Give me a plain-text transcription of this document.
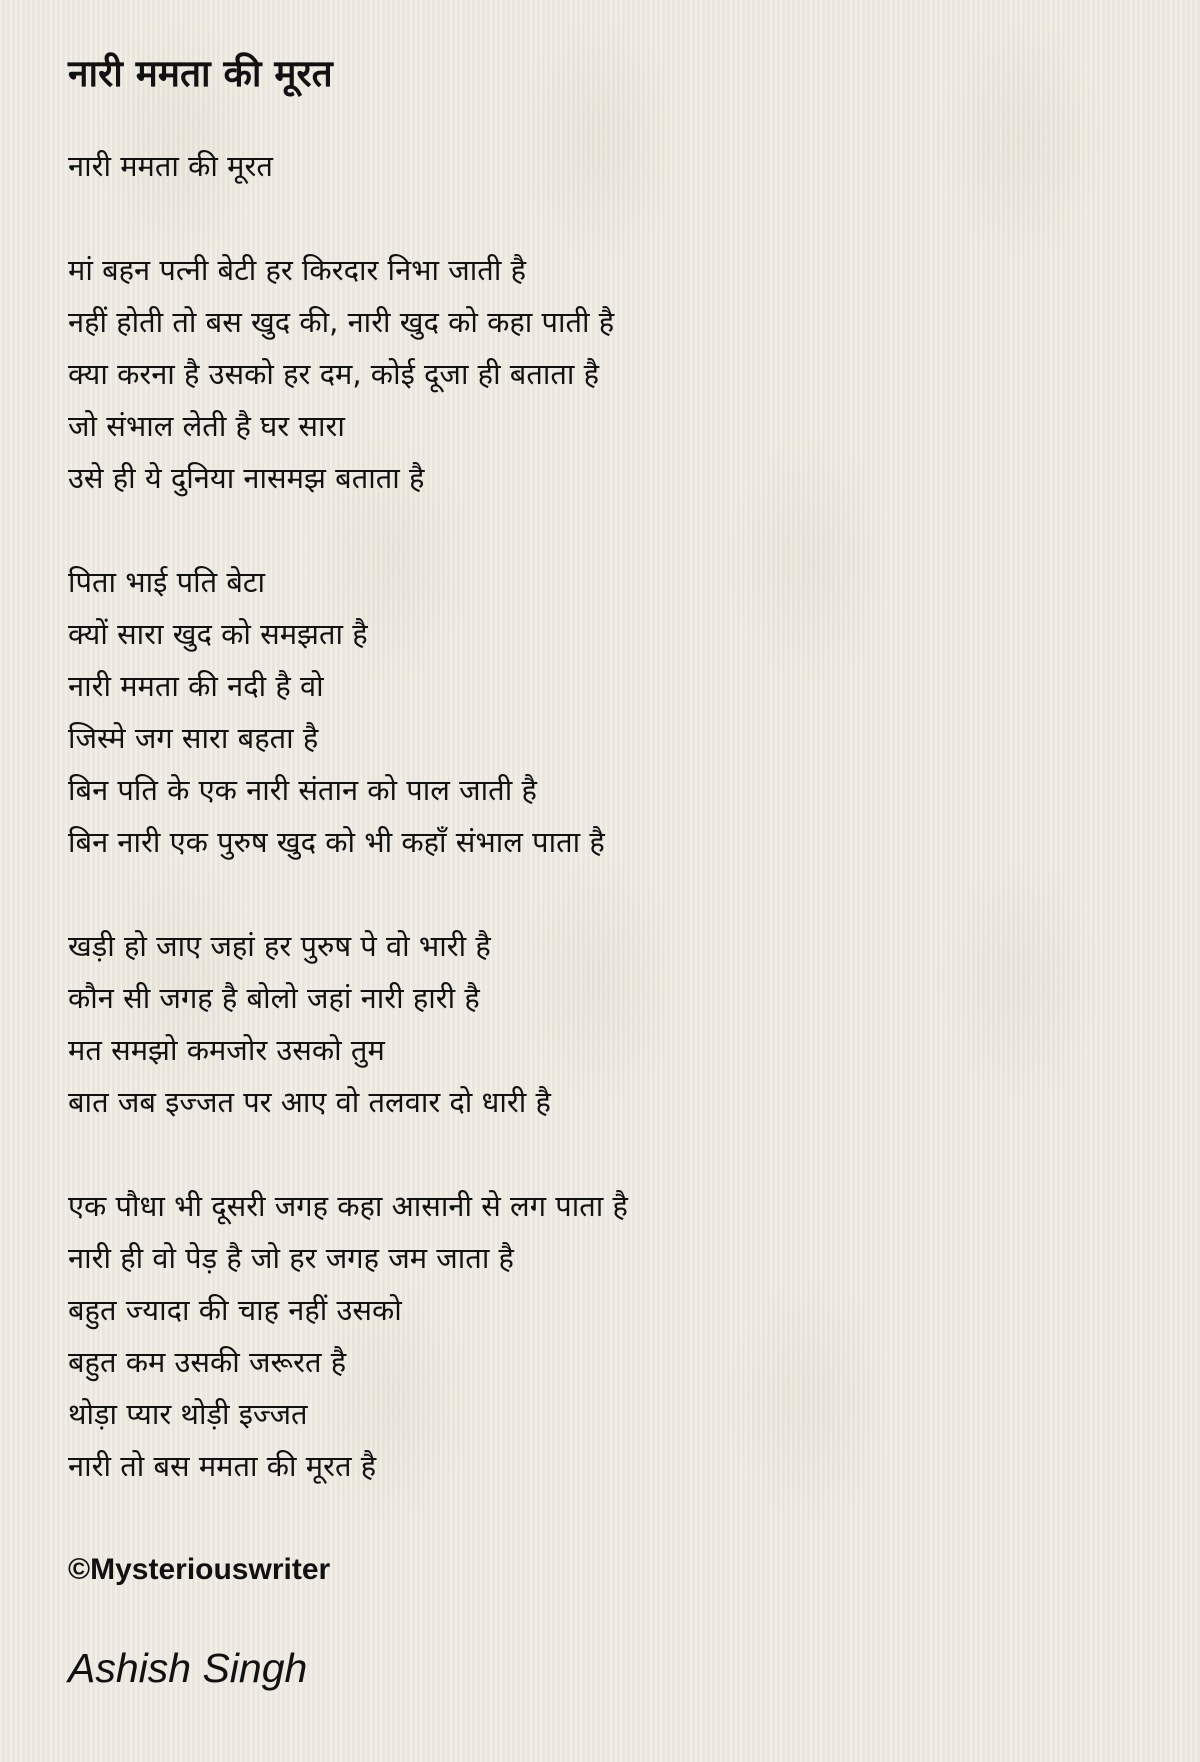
नारी ममता की मूरत
नारी ममता की मूरत
मां बहन पत्नी बेटी हर किरदार निभा जाती है
नहीं होती तो बस खुद की, नारी खुद को कहा पाती है
क्या करना है उसको हर दम, कोई दूजा ही बताता है
जो संभाल लेती है घर सारा
उसे ही ये दुनिया नासमझ बताता है
पिता भाई पति बेटा
क्यों सारा खुद को समझता है
नारी ममता की नदी है वो
जिस्मे जग सारा बहता है
बिन पति के एक नारी संतान को पाल जाती है
बिन नारी एक पुरुष खुद को भी कहाँ संभाल पाता है
खड़ी हो जाए जहां हर पुरुष पे वो भारी है
कौन सी जगह है बोलो जहां नारी हारी है
मत समझो कमजोर उसको तुम
बात जब इज्जत पर आए वो तलवार दो धारी है
एक पौधा भी दूसरी जगह कहा आसानी से लग पाता है
नारी ही वो पेड़ है जो हर जगह जम जाता है
बहुत ज्यादा की चाह नहीं उसको
बहुत कम उसकी जरूरत है
थोड़ा प्यार थोड़ी इज्जत
नारी तो बस ममता की मूरत है
©Mysteriouswriter
Ashish Singh
